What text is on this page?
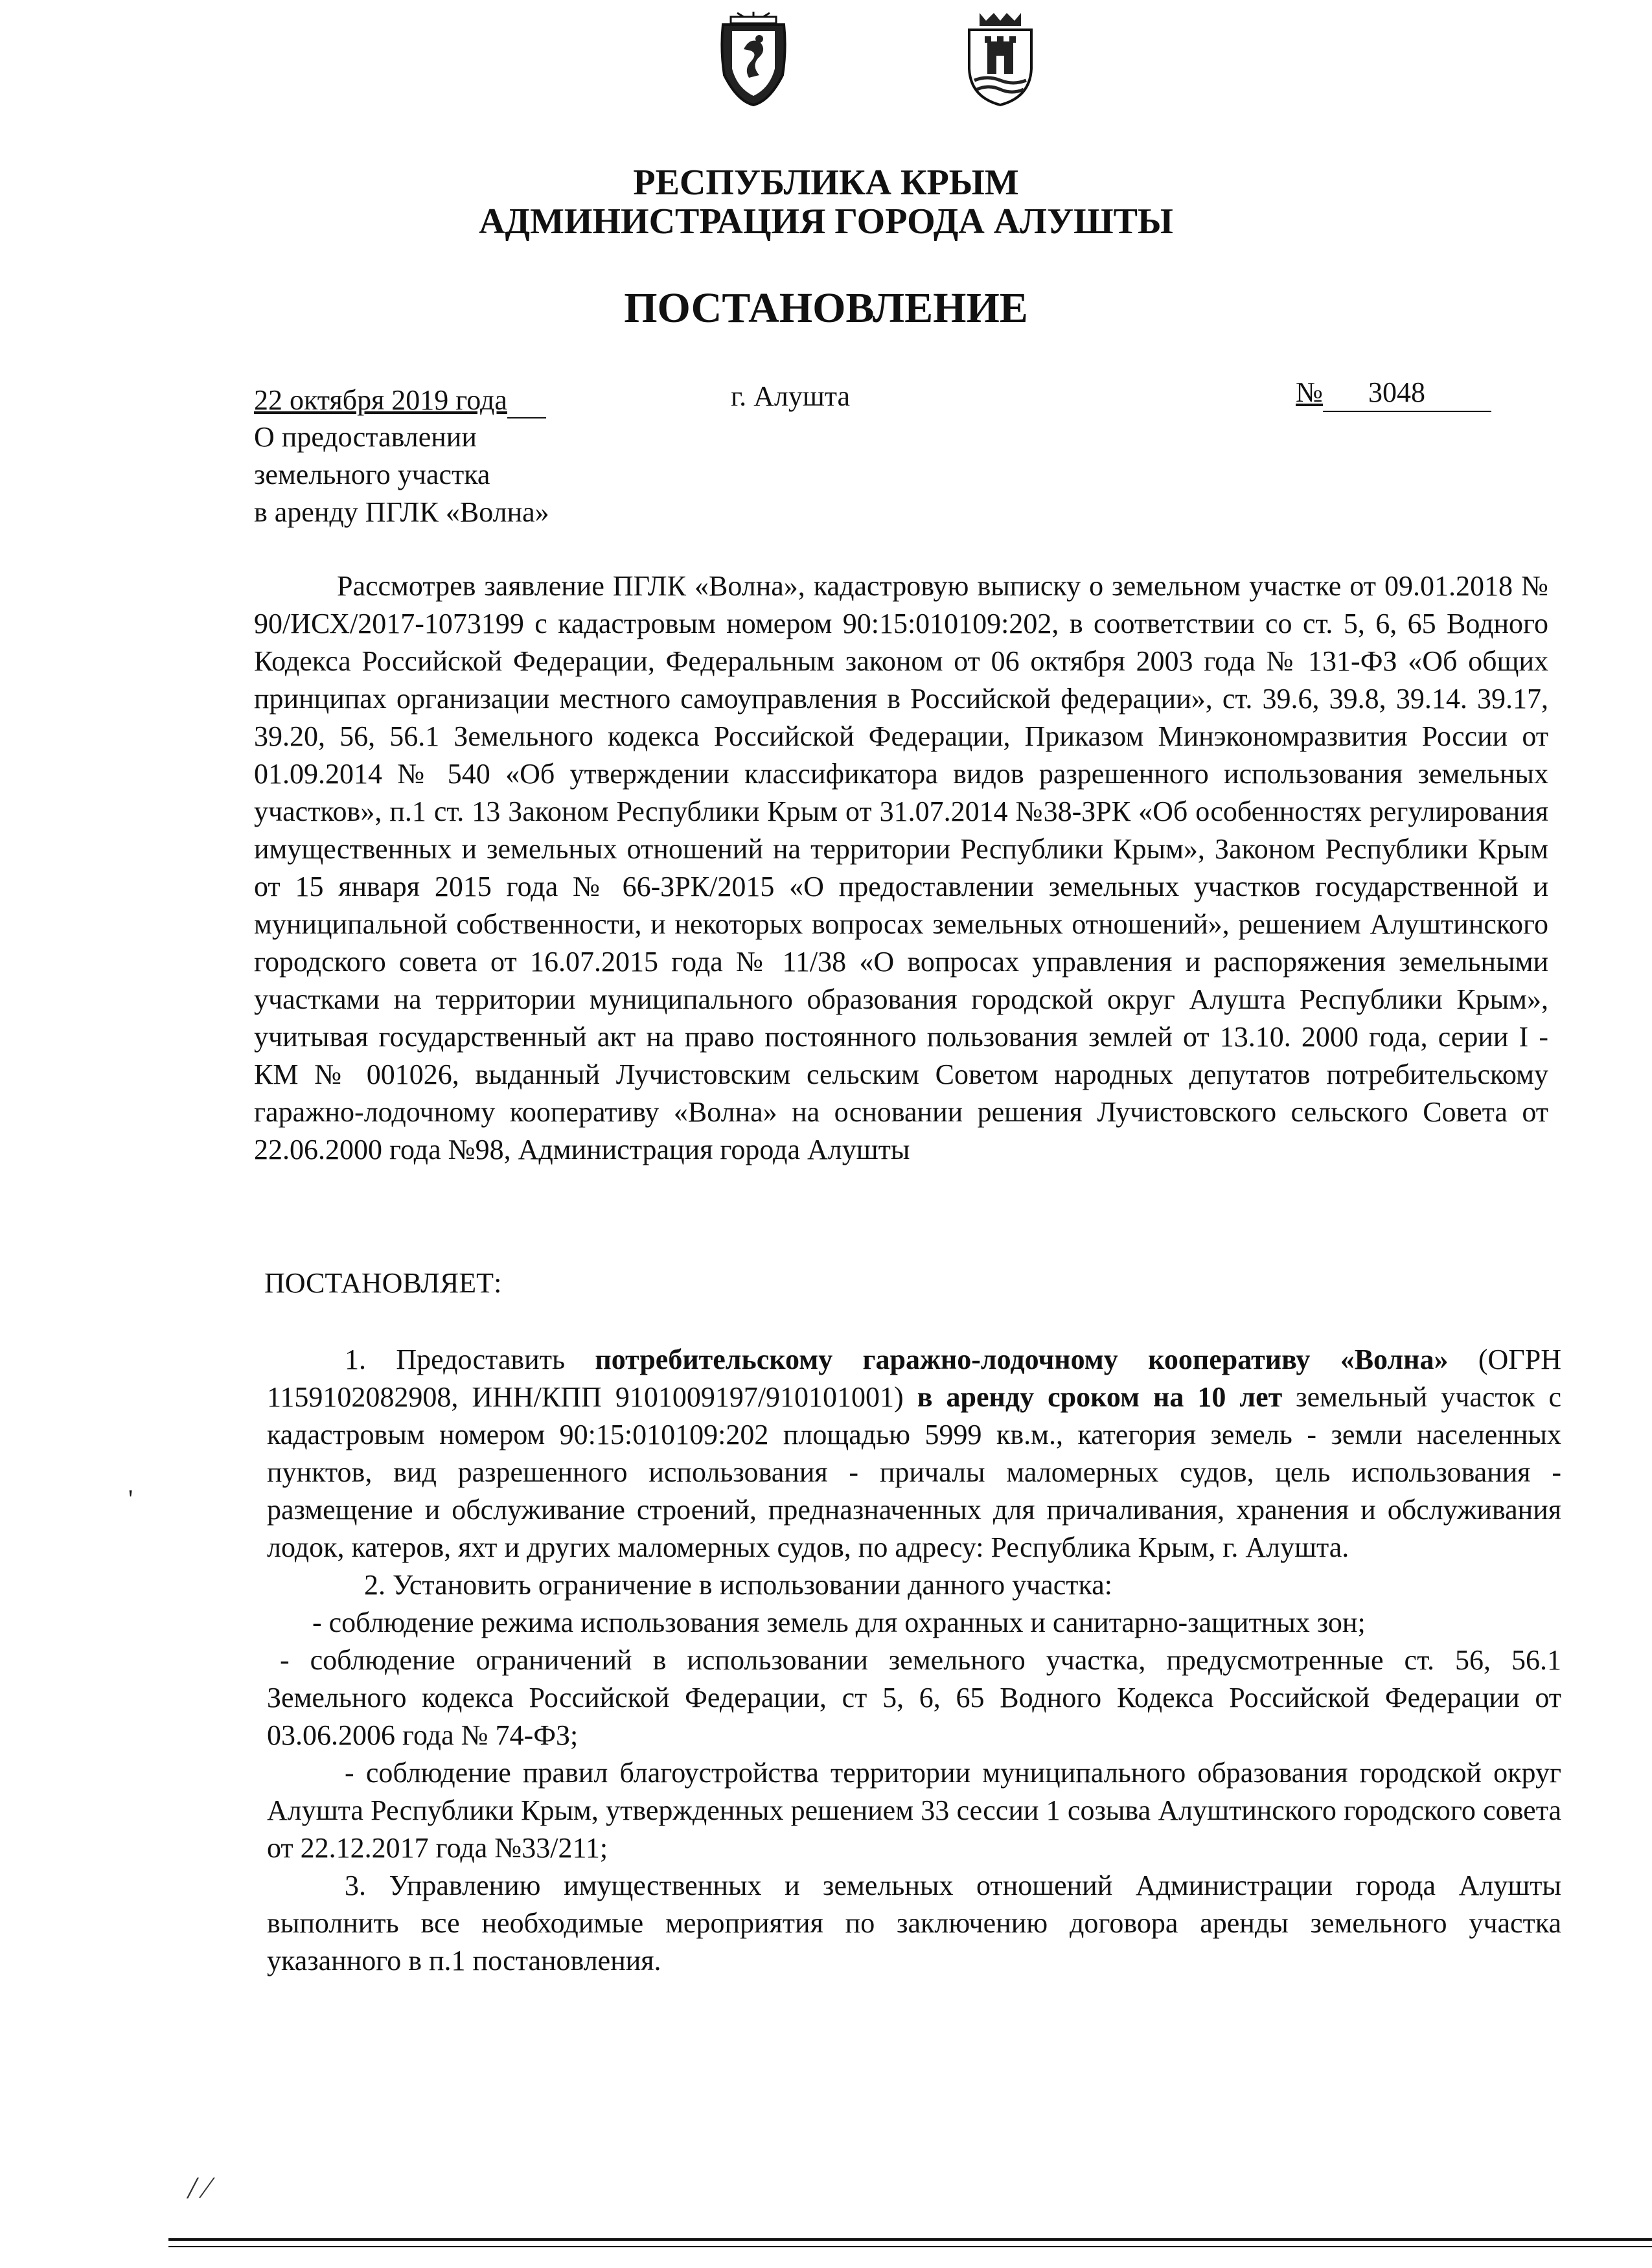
РЕСПУБЛИКА КРЫМ
АДМИНИСТРАЦИЯ ГОРОДА АЛУШТЫ
ПОСТАНОВЛЕНИЕ
22 октября 2019 года	г. Алушта	№ 3048
О предоставлении
земельного участка
в аренду ПГЛК «Волна»
Рассмотрев заявление ПГЛК «Волна», кадастровую выписку о земельном участке от 09.01.2018 № 90/ИСХ/2017-1073199 с кадастровым номером 90:15:010109:202, в соответствии со ст. 5, 6, 65 Водного Кодекса Российской Федерации, Федеральным законом от 06 октября 2003 года № 131-ФЗ «Об общих принципах организации местного самоуправления в Российской федерации», ст. 39.6, 39.8, 39.14. 39.17, 39.20, 56, 56.1 Земельного кодекса Российской Федерации, Приказом Минэкономразвития России от 01.09.2014 № 540 «Об утверждении классификатора видов разрешенного использования земельных участков», п.1 ст. 13 Законом Республики Крым от 31.07.2014 №38-ЗРК «Об особенностях регулирования имущественных и земельных отношений на территории Республики Крым», Законом Республики Крым от 15 января 2015 года № 66-ЗРК/2015 «О предоставлении земельных участков государственной и муниципальной собственности, и некоторых вопросах земельных отношений», решением Алуштинского городского совета от 16.07.2015 года № 11/38 «О вопросах управления и распоряжения земельными участками на территории муниципального образования городской округ Алушта Республики Крым», учитывая государственный акт на право постоянного пользования землей от 13.10. 2000 года, серии I - КМ № 001026, выданный Лучистовским сельским Советом народных депутатов потребительскому гаражно-лодочному кооперативу «Волна» на основании решения Лучистовского сельского Совета от 22.06.2000 года №98, Администрация города Алушты
ПОСТАНОВЛЯЕТ:

1. Предоставить потребительскому гаражно-лодочному кооперативу «Волна» (ОГРН 1159102082908, ИНН/КПП 9101009197/910101001) в аренду сроком на 10 лет земельный участок с кадастровым номером 90:15:010109:202 площадью 5999 кв.м., категория земель - земли населенных пунктов, вид разрешенного использования - причалы маломерных судов, цель использования - размещение и обслуживание строений, предназначенных для причаливания, хранения и обслуживания лодок, катеров, яхт и других маломерных судов, по адресу: Республика Крым, г. Алушта.

2. Установить ограничение в использовании данного участка:

- соблюдение режима использования земель для охранных и санитарно-защитных зон;

- соблюдение ограничений в использовании земельного участка, предусмотренные ст. 56, 56.1 Земельного кодекса Российской Федерации, ст 5, 6, 65 Водного Кодекса Российской Федерации от 03.06.2006 года № 74-ФЗ;

- соблюдение правил благоустройства территории муниципального образования городской округ Алушта Республики Крым, утвержденных решением 33 сессии 1 созыва Алуштинского городского совета от 22.12.2017 года №33/211;

3. Управлению имущественных и земельных отношений Администрации города Алушты выполнить все необходимые мероприятия по заключению договора аренды земельного участка указанного в п.1 постановления.

'
/ ⁄
